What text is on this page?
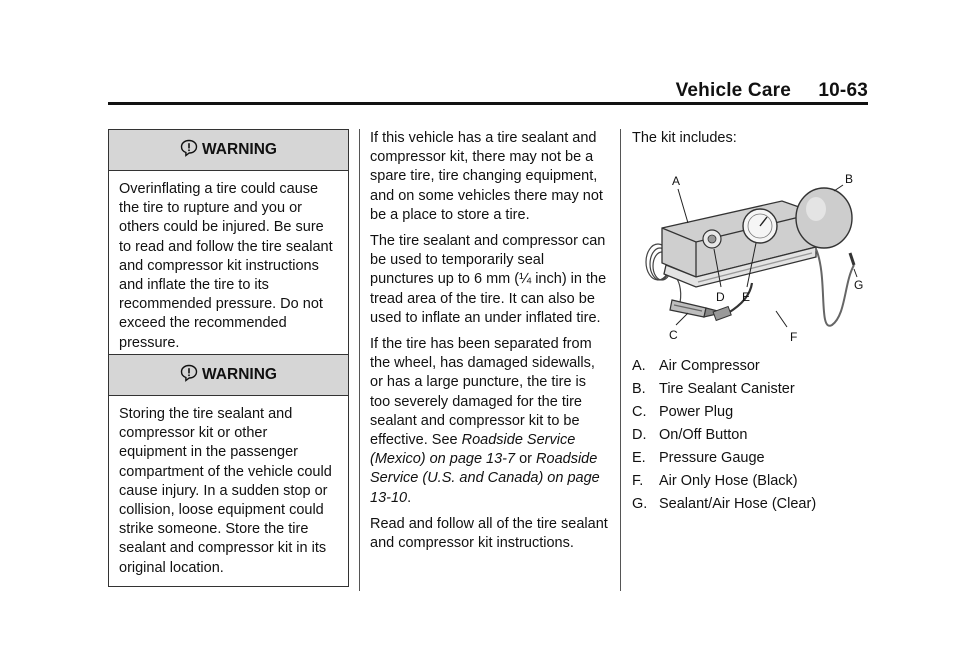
Vehicle Care 10-63
WARNING
Overinflating a tire could cause the tire to rupture and you or others could be injured. Be sure to read and follow the tire sealant and compressor kit instructions and inflate the tire to its recommended pressure. Do not exceed the recommended pressure.
WARNING
Storing the tire sealant and compressor kit or other equipment in the passenger compartment of the vehicle could cause injury. In a sudden stop or collision, loose equipment could strike someone. Store the tire sealant and compressor kit in its original location.

If this vehicle has a tire sealant and compressor kit, there may not be a spare tire, tire changing equipment, and on some vehicles there may not be a place to store a tire.

The tire sealant and compressor can be used to temporarily seal punctures up to 6 mm (¼ inch) in the tread area of the tire. It can also be used to inflate an under inflated tire.

If the tire has been separated from the wheel, has damaged sidewalls, or has a large puncture, the tire is too severely damaged for the tire sealant and compressor kit to be effective. See Roadside Service (Mexico) on page 13-7 or Roadside Service (U.S. and Canada) on page 13-10.

Read and follow all of the tire sealant and compressor kit instructions.

The kit includes:

A	B
C
D E
F
G
A. Air Compressor
B. Tire Sealant Canister
C. Power Plug
D. On/Off Button
E. Pressure Gauge
F. Air Only Hose (Black)
G. Sealant/Air Hose (Clear)
